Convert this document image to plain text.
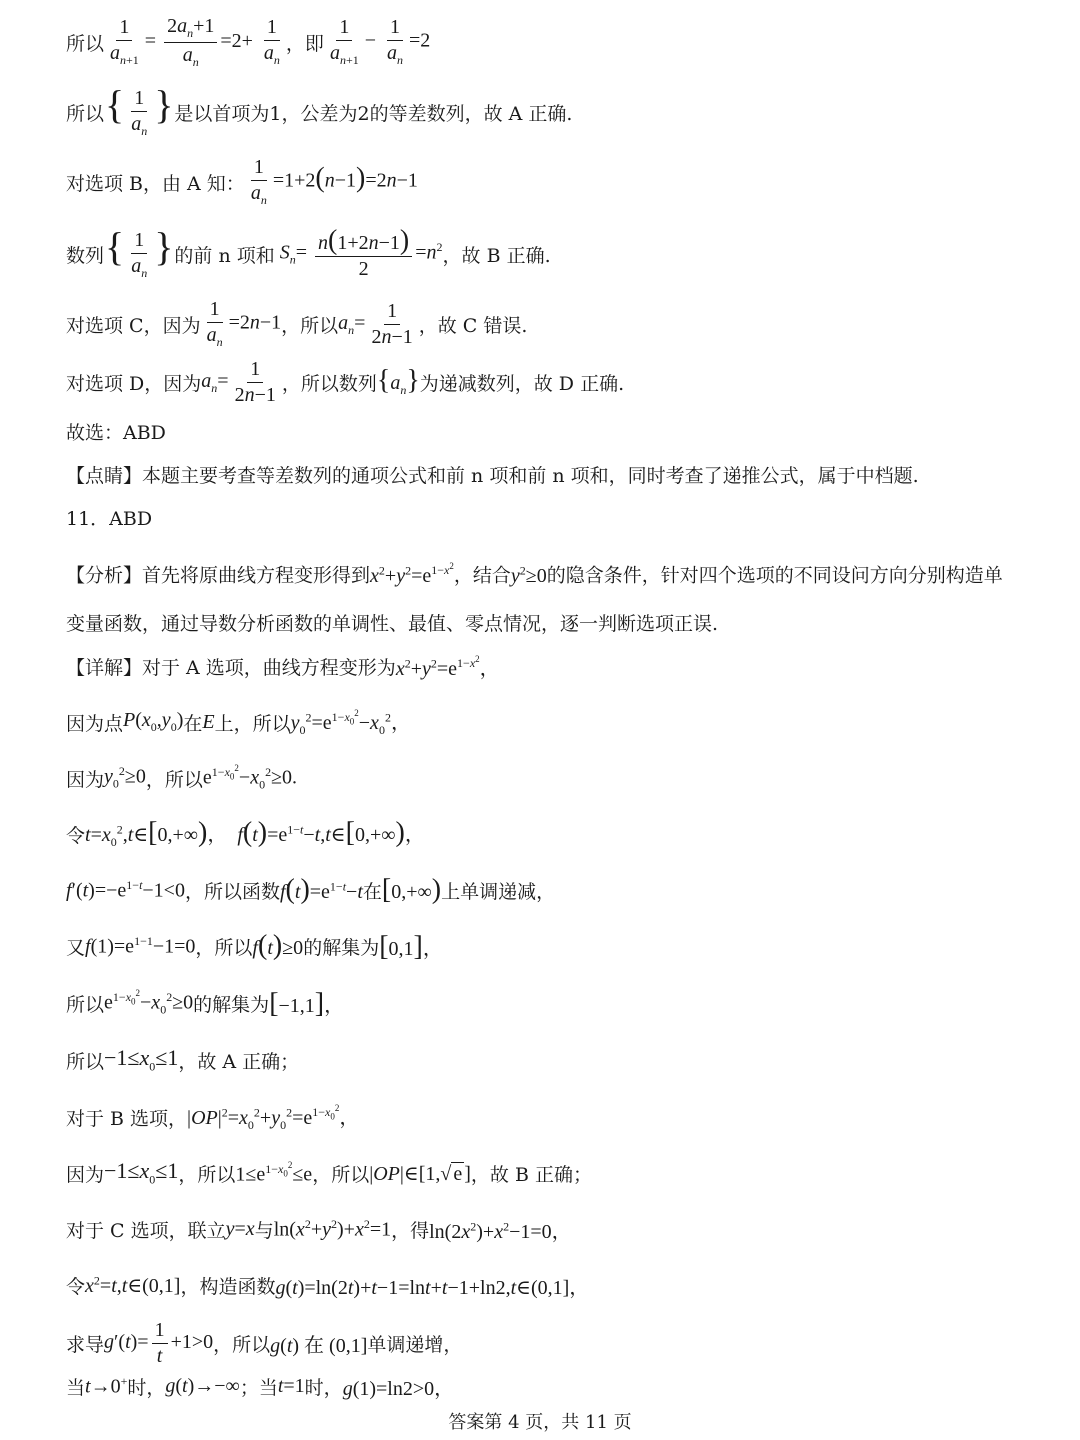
所以 $\frac{1}{a_{n+1}} = \frac{2a_n+1}{a_n} =2+ \frac{1}{a_n}$ ，即 $\frac{1}{a_{n+1}} - \frac{1}{a_n} =2$
所以 { $\frac{1}{a_n}$ } 是以首项为1，公差为2的等差数列，故 A 正确.
对选项 B，由 A 知： $\frac{1}{a_n} =1+2(n-1)=2n-1$
数列 { $\frac{1}{a_n}$ } 的前 n 项和 $S_n= \frac{n(1+2n-1)}{2} =n^2$ ，故 B 正确.
对选项 C，因为 $\frac{1}{a_n} =2n-1$ ，所以 $a_n= \frac{1}{2n-1}$ ，故 C 错误.
对选项 D，因为 $a_n= \frac{1}{2n-1}$ ，所以数列 $\{a_n\}$ 为递减数列，故 D 正确.
故选：ABD
【点睛】本题主要考查等差数列的通项公式和前 n 项和前 n 项和，同时考查了递推公式，属于中档题.
11．ABD
【分析】首先将原曲线方程变形得到$x^2+y^2=e^{1-x^2}$，结合$y^2\ge 0$的隐含条件，针对四个选项的不同设问方向分别构造单变量函数，通过导数分析函数的单调性、最值、零点情况，逐一判断选项正误.
【详解】对于 A 选项，曲线方程变形为 $x^2+y^2=e^{1-x^2}$，
因为点 $P(x_0,y_0)$ 在 E 上，所以 $y_0^2=e^{1-x_0^2}-x_0^2$，
因为 $y_0^2\ge 0$ ，所以 $e^{1-x_0^2}-x_0^2\ge 0$.
令 $t=x_0^2,t\in[0,+\infty)$，  $f(t)=e^{1-t}-t,t\in[0,+\infty)$，
$f'(t)=-e^{1-t}-1<0$ ，所以函数 $f(t)=e^{1-t}-t$ 在 [0,+∞) 上单调递减，
又 $f(1)=e^{1-1}-1=0$ ，所以 f(t)≥0 的解集为 [0,1]，
所以 $e^{1-x_0^2}-x_0^2\ge 0$ 的解集为 [−1,1]，
所以 $-1\le x_0\le 1$ ，故 A 正确；
对于 B 选项， $|OP|^2=x_0^2+y_0^2=e^{1-x_0^2}$，
因为 $-1\le x_0\le 1$ ，所以 $1\le e^{1-x_0^2}\le e$ ，所以 |OP|∈[1,√ e ] ，故 B 正确；
对于 C 选项，联立 y=x 与 $\ln(x^2+y^2)+x^2=1$ ，得 $\ln(2x^2)+x^2-1=0$，
令 $x^2=t,t\in(0,1]$ ，构造函数 g(t)=ln(2t)+t−1=lnt+t−1+ln2,t∈(0,1]，
求导 $g'(t)= \frac{1}{t} +1>0$ ，所以 g(t) 在 (0,1] 单调递增，
当 t→0+ 时， g(t)→−∞ ；当 t=1 时， g(1)=ln2>0，
答案第 4 页，共 11 页
